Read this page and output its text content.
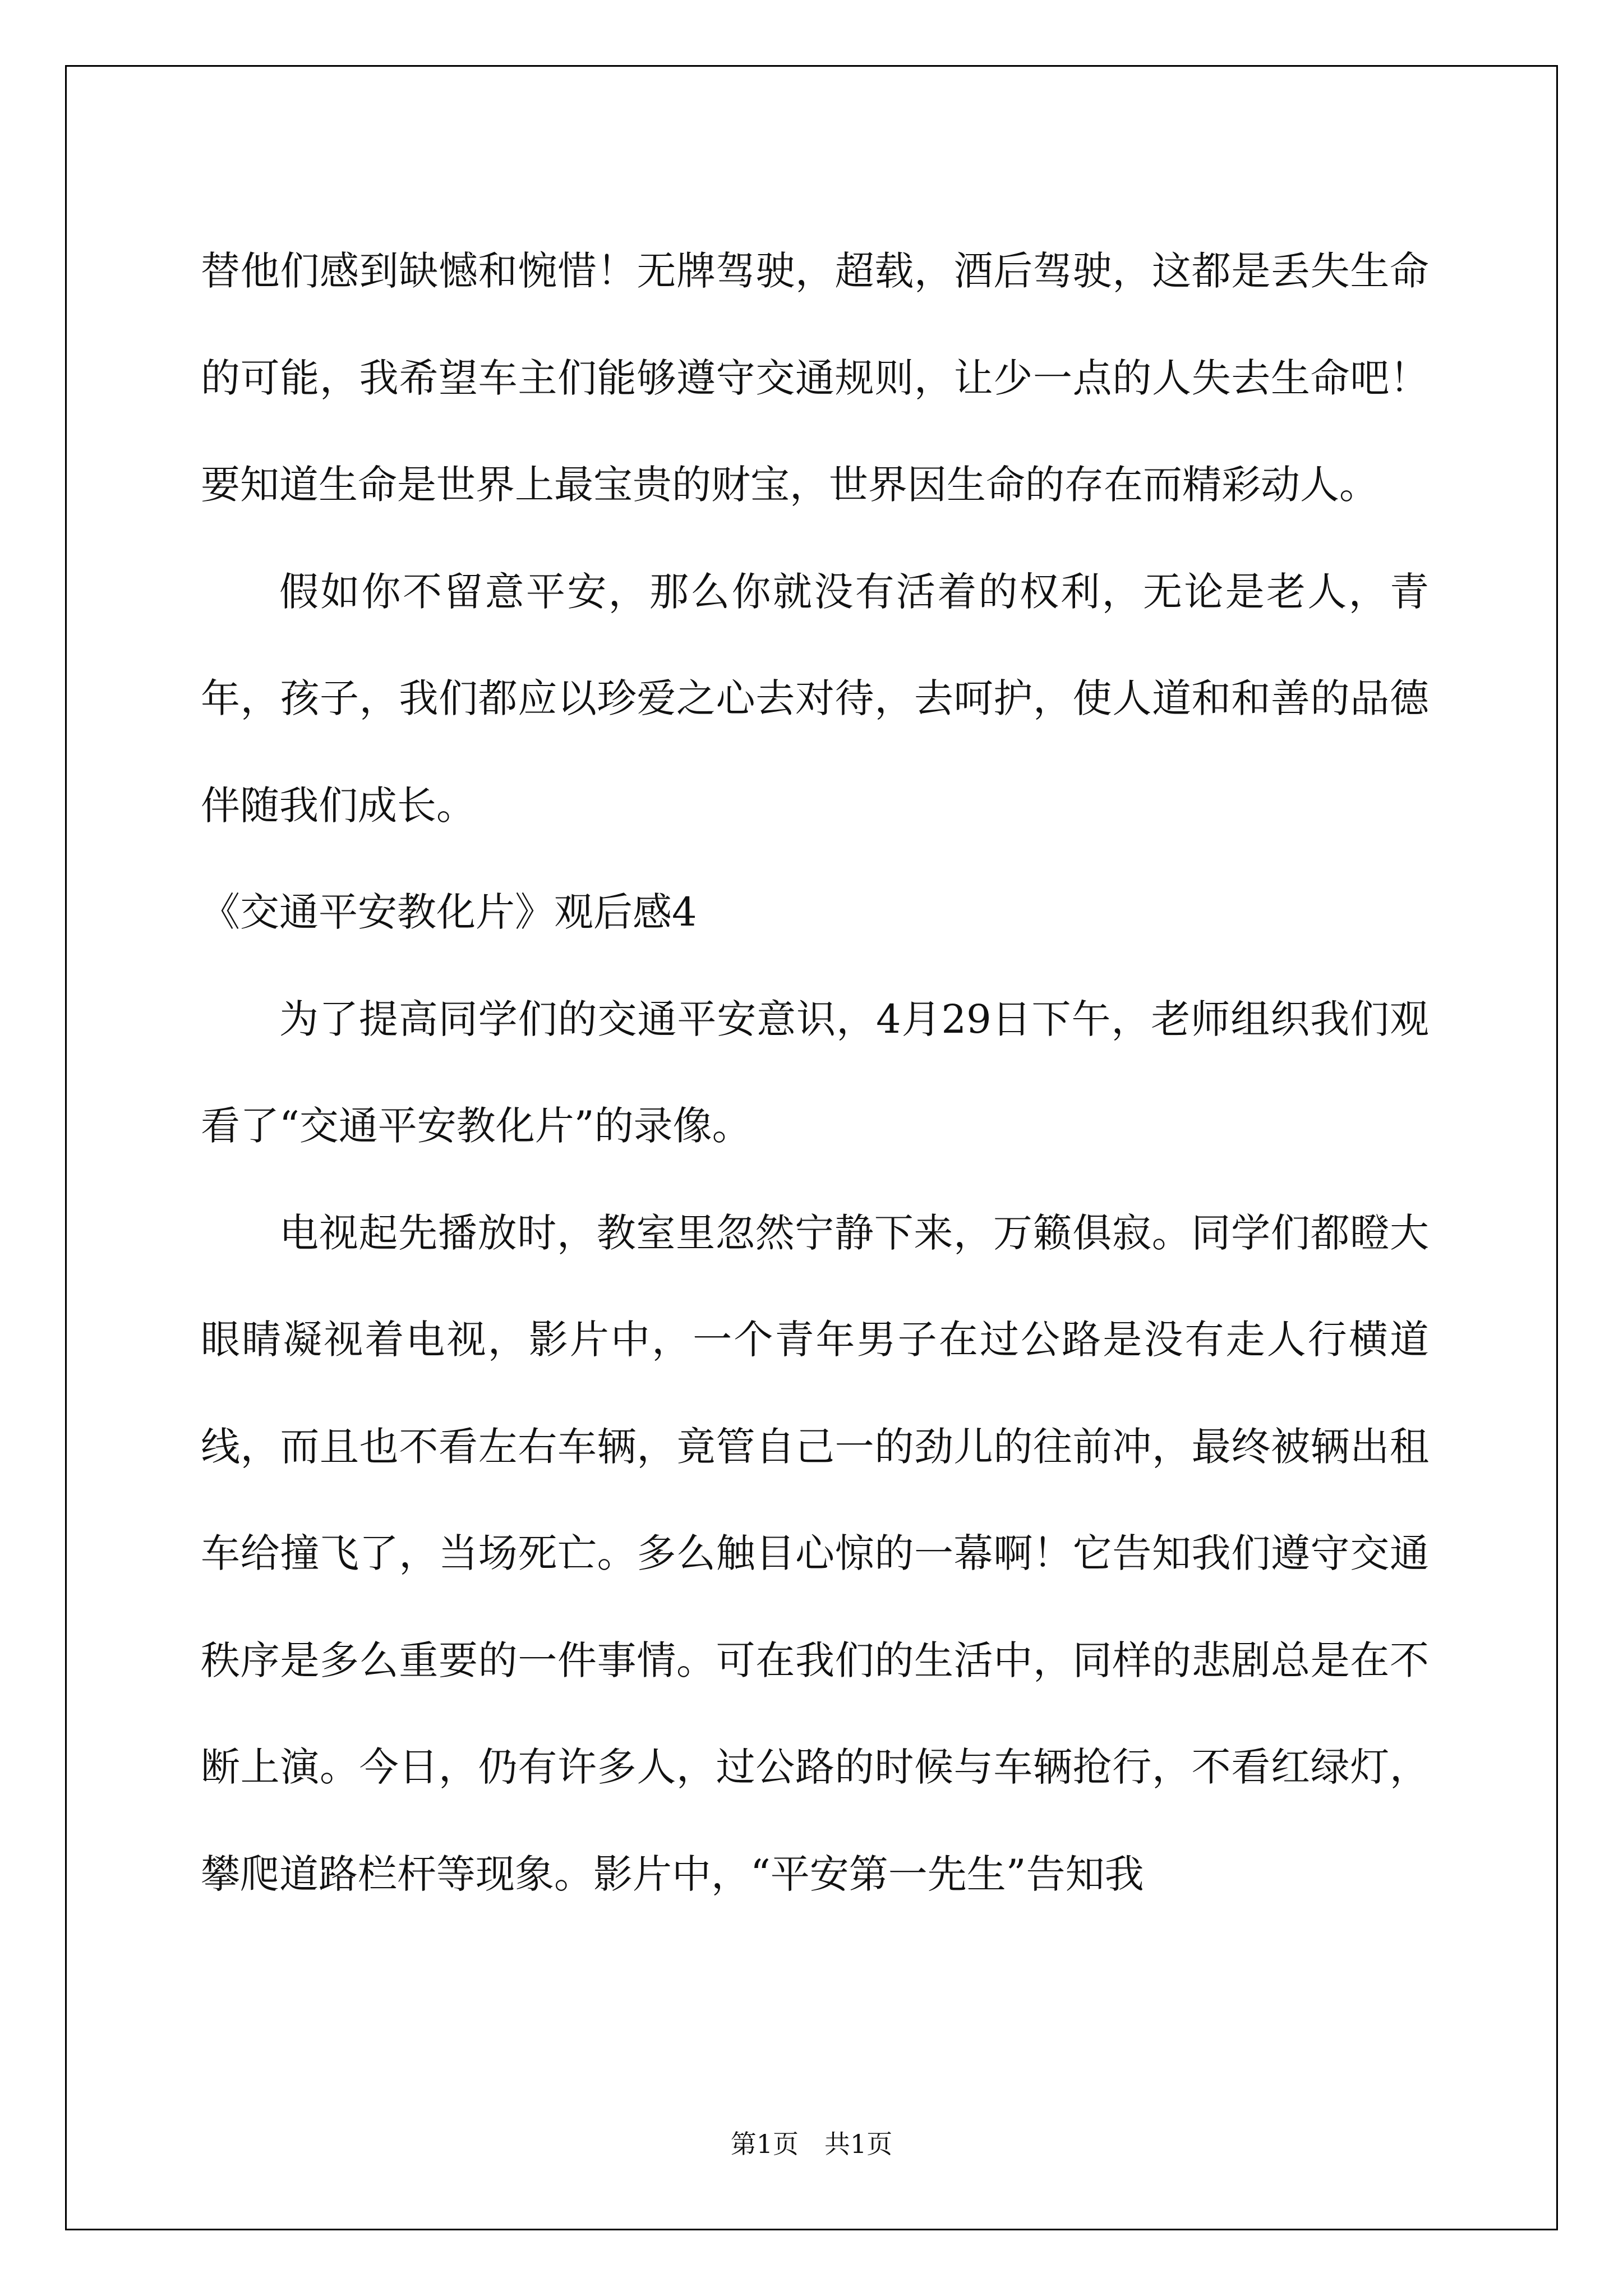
替他们感到缺憾和惋惜！无牌驾驶，超载，酒后驾驶，这都是丢失生命的可能，我希望车主们能够遵守交通规则，让少一点的人失去生命吧！要知道生命是世界上最宝贵的财宝，世界因生命的存在而精彩动人。

假如你不留意平安，那么你就没有活着的权利，无论是老人，青年，孩子，我们都应以珍爱之心去对待，去呵护，使人道和和善的品德伴随我们成长。

《交通平安教化片》观后感4

为了提高同学们的交通平安意识，4月29日下午，老师组织我们观看了“交通平安教化片”的录像。

电视起先播放时，教室里忽然宁静下来，万籁俱寂。同学们都瞪大眼睛凝视着电视，影片中，一个青年男子在过公路是没有走人行横道线，而且也不看左右车辆，竟管自己一的劲儿的往前冲，最终被辆出租车给撞飞了，当场死亡。多么触目心惊的一幕啊！它告知我们遵守交通秩序是多么重要的一件事情。可在我们的生活中，同样的悲剧总是在不断上演。今日，仍有许多人，过公路的时候与车辆抢行，不看红绿灯，攀爬道路栏杆等现象。影片中，“平安第一先生”告知我

第1页 共1页
